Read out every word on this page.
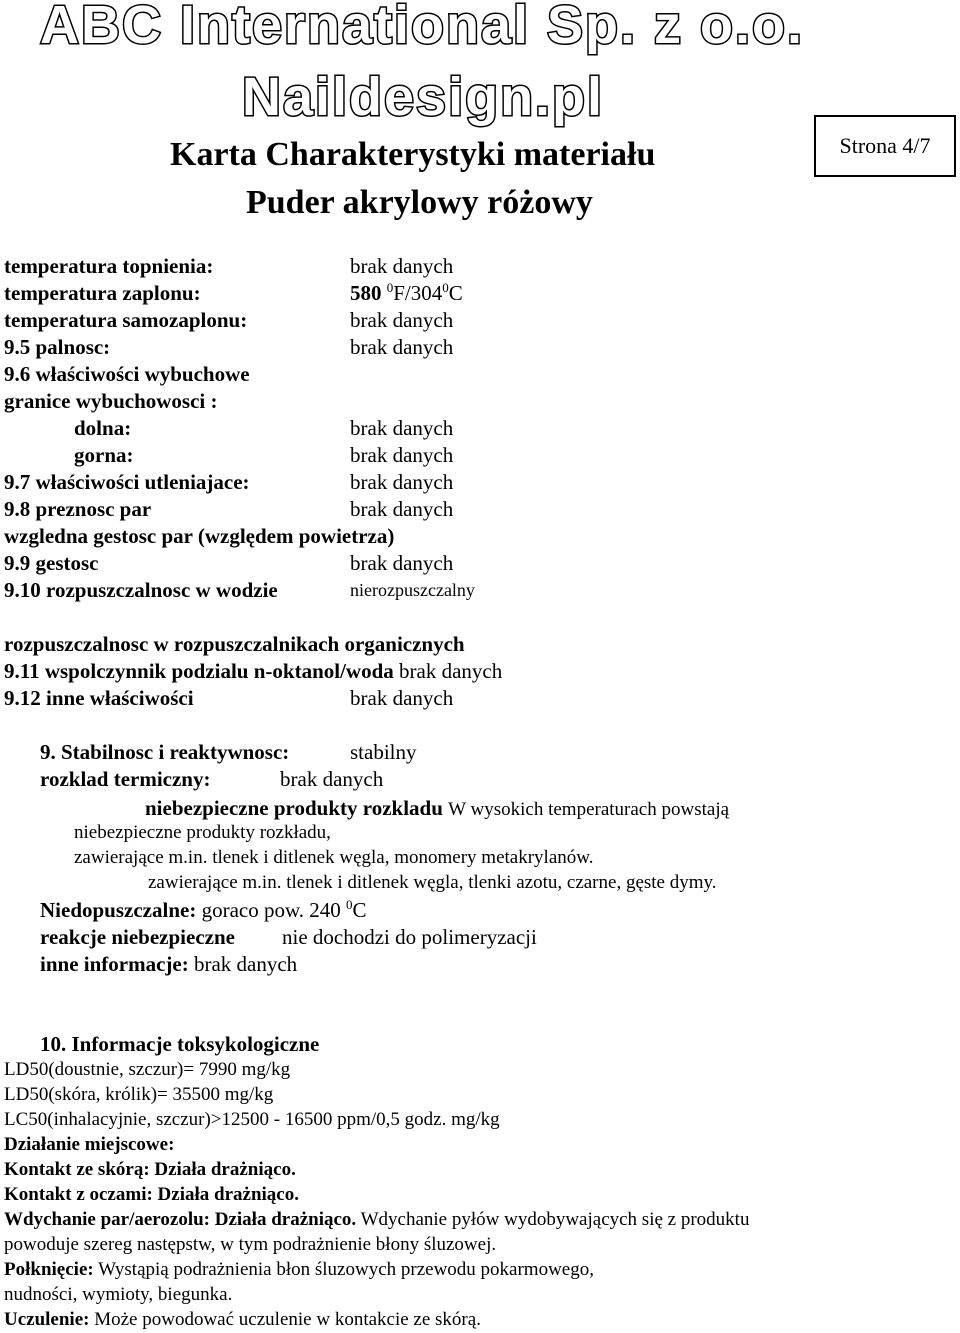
ABC International Sp. z o.o.
Naildesign.pl
Karta Charakterystyki materiału
Puder akrylowy różowy
Strona 4/7
temperatura topnienia:	brak danych
temperatura zaplonu:	580 $^0F/304^0C$
temperatura samozaplonu:	brak danych
9.5 palnosc:	brak danych
9.6 właściwości wybuchowe
granice wybuchowosci :
dolna:	brak danych
gorna:	brak danych
9.7 właściwości utleniajace:	brak danych
9.8 preznosc par	brak danych
wzgledna gestosc par (względem powietrza)
9.9 gestosc	brak danych
9.10 rozpuszczalnosc w wodzie	nierozpuszczalny
rozpuszczalnosc w rozpuszczalnikach organicznych
9.11 wspolczynnik podzialu n-oktanol/woda brak danych
9.12 inne właściwości	brak danych
9. Stabilnosc i reaktywnosc:	stabilny
rozklad termiczny:	brak danych
niebezpieczne produkty rozkladu W wysokich temperaturach powstają
niebezpieczne produkty rozkładu,
zawierające m.in. tlenek i ditlenek węgla, monomery metakrylanów.
zawierające m.in. tlenek i ditlenek węgla, tlenki azotu, czarne, gęste dymy.
Niedopuszczalne: goraco pow. 240 $^0$C
reakcje niebezpieczne nie dochodzi do polimeryzacji
inne informacje: brak danych
10. Informacje toksykologiczne
LD50(doustnie, szczur)= 7990 mg/kg
LD50(skóra, królik)= 35500 mg/kg
LC50(inhalacyjnie, szczur)>12500 - 16500 ppm/0,5 godz. mg/kg
Działanie miejscowe:
Kontakt ze skórą: Działa drażniąco.
Kontakt z oczami: Działa drażniąco.
Wdychanie par/aerozolu: Działa drażniąco. Wdychanie pyłów wydobywających się z produktu
powoduje szereg następstw, w tym podrażnienie błony śluzowej.
Połknięcie: Wystąpią podrażnienia błon śluzowych przewodu pokarmowego,
nudności, wymioty, biegunka.
Uczulenie: Może powodować uczulenie w kontakcie ze skórą.
